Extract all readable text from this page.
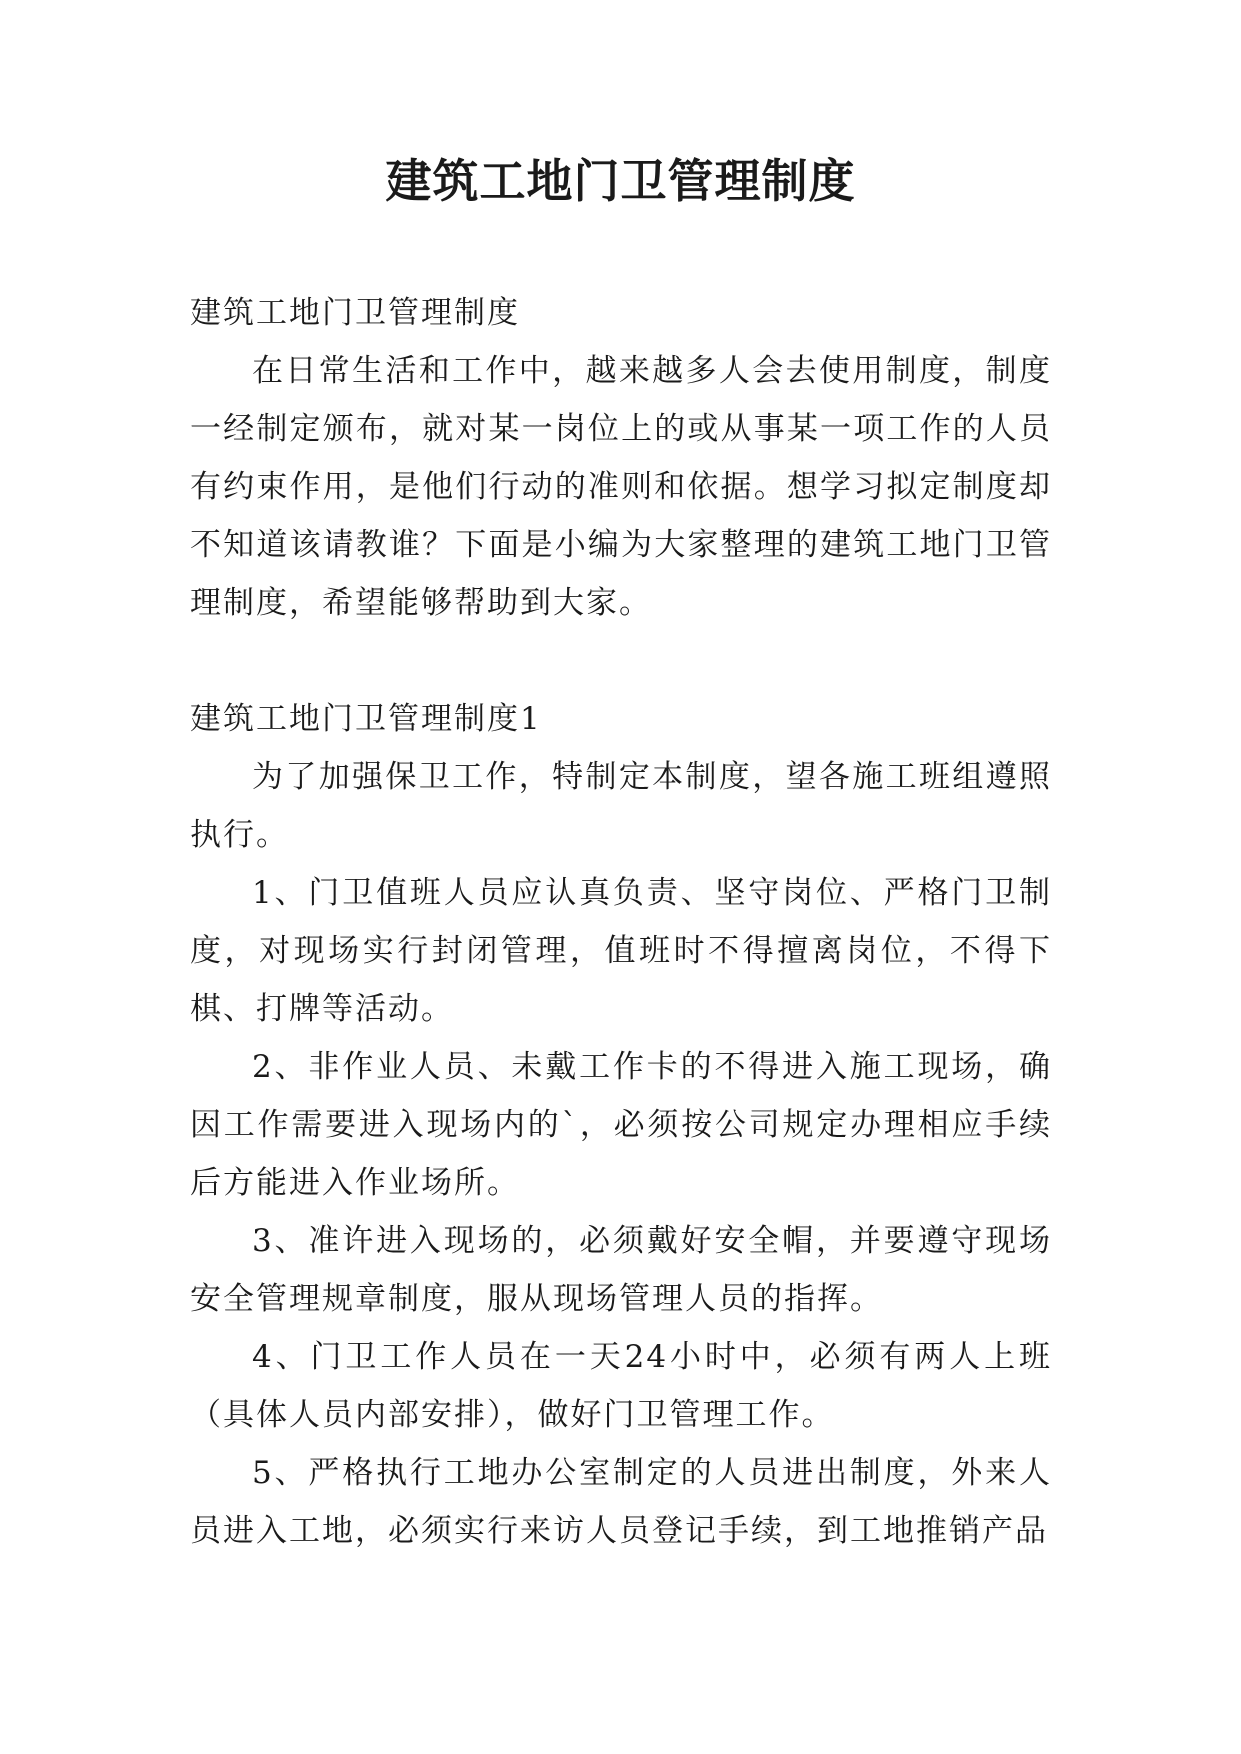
建筑工地门卫管理制度

建筑工地门卫管理制度

在日常生活和工作中，越来越多人会去使用制度，制度一经制定颁布，就对某一岗位上的或从事某一项工作的人员有约束作用，是他们行动的准则和依据。想学习拟定制度却不知道该请教谁？下面是小编为大家整理的建筑工地门卫管理制度，希望能够帮助到大家。

建筑工地门卫管理制度1

为了加强保卫工作，特制定本制度，望各施工班组遵照执行。

1、门卫值班人员应认真负责、坚守岗位、严格门卫制度，对现场实行封闭管理，值班时不得擅离岗位，不得下棋、打牌等活动。

2、非作业人员、未戴工作卡的不得进入施工现场，确因工作需要进入现场内的`，必须按公司规定办理相应手续后方能进入作业场所。

3、准许进入现场的，必须戴好安全帽，并要遵守现场安全管理规章制度，服从现场管理人员的指挥。

4、门卫工作人员在一天24小时中，必须有两人上班（具体人员内部安排），做好门卫管理工作。

5、严格执行工地办公室制定的人员进出制度，外来人员进入工地，必须实行来访人员登记手续，到工地推销产品
